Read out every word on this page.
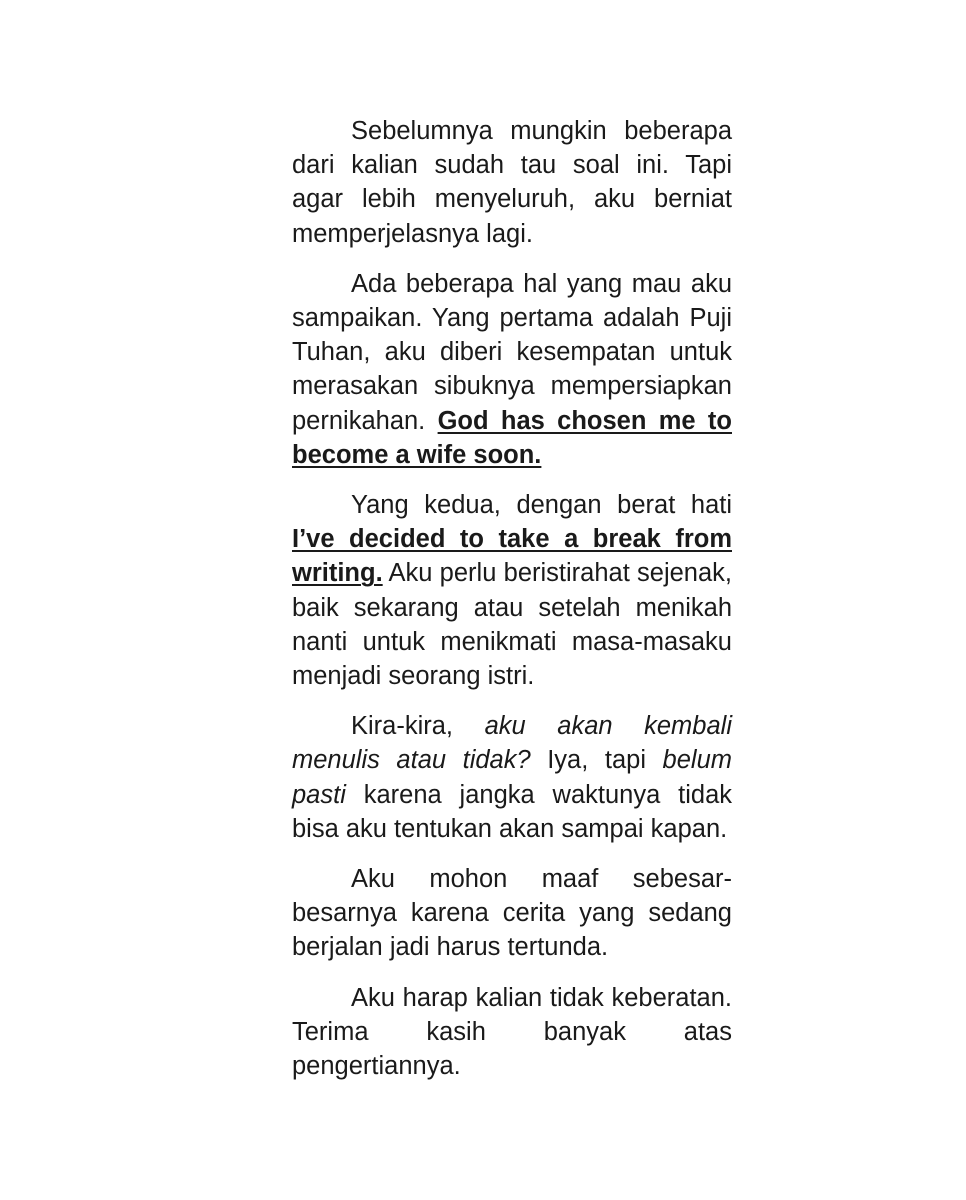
Sebelumnya mungkin beberapa dari kalian sudah tau soal ini. Tapi agar lebih menyeluruh, aku berniat memperjelasnya lagi.

Ada beberapa hal yang mau aku sampaikan. Yang pertama adalah Puji Tuhan, aku diberi kesempatan untuk merasakan sibuknya mempersiapkan pernikahan. God has chosen me to become a wife soon.

Yang kedua, dengan berat hati I’ve decided to take a break from writing. Aku perlu beristirahat sejenak, baik sekarang atau setelah menikah nanti untuk menikmati masa-masaku menjadi seorang istri.

Kira-kira, aku akan kembali menulis atau tidak? Iya, tapi belum pasti karena jangka waktunya tidak bisa aku tentukan akan sampai kapan.

Aku mohon maaf sebesar-besarnya karena cerita yang sedang berjalan jadi harus tertunda.

Aku harap kalian tidak keberatan. Terima kasih banyak atas pengertiannya.
